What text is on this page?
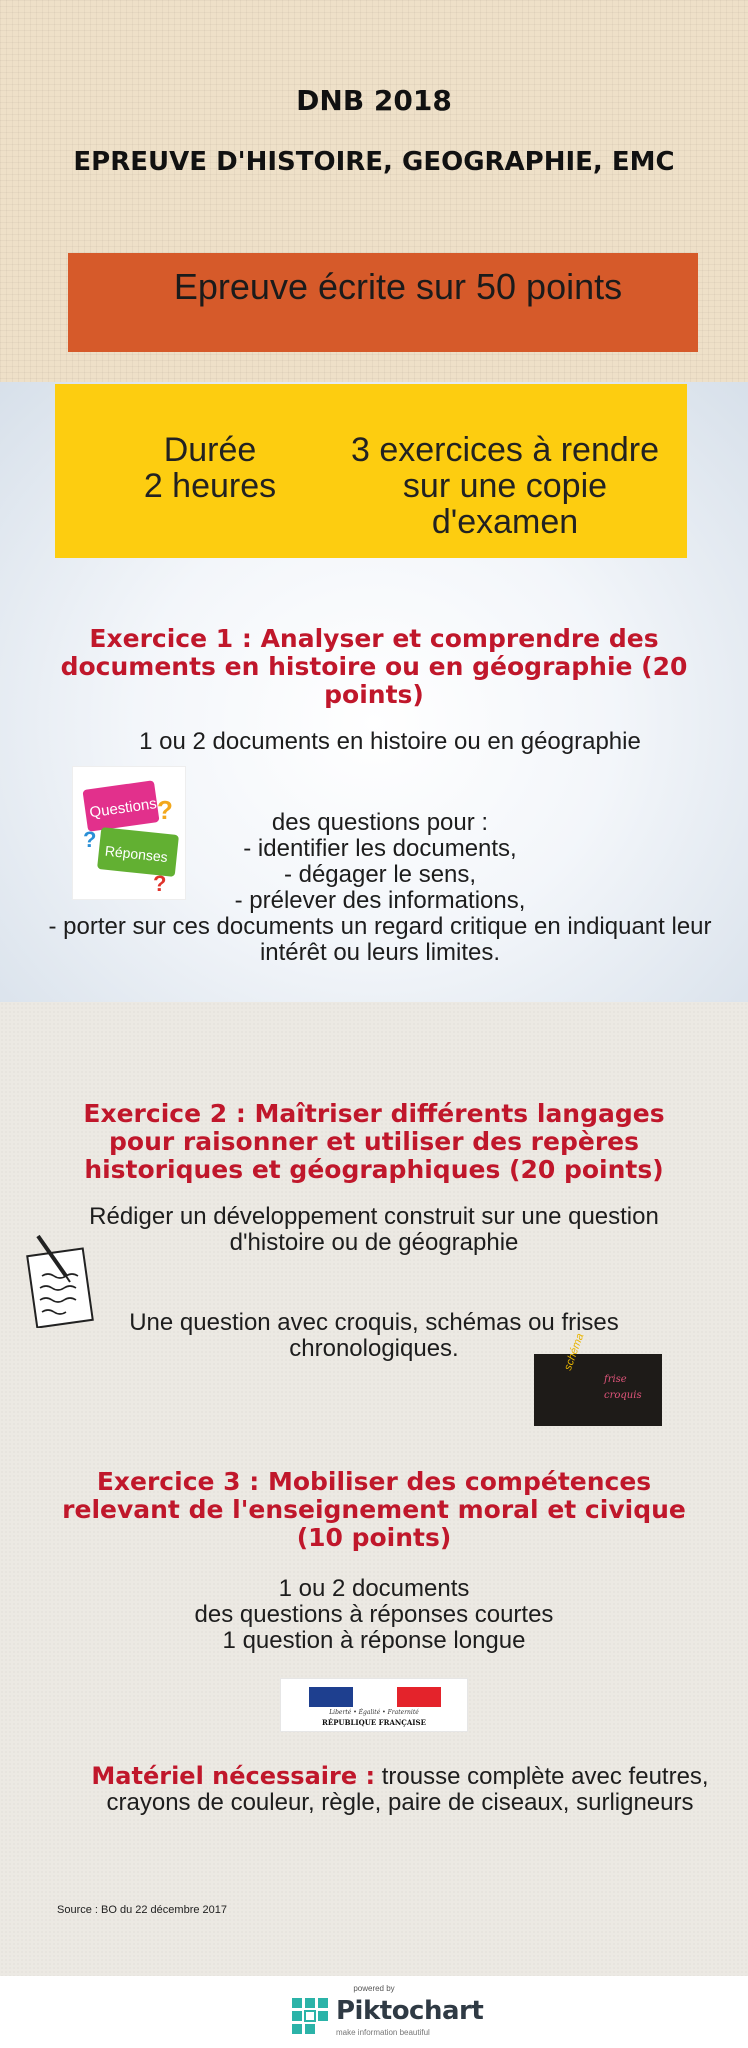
DNB 2018
EPREUVE D'HISTOIRE, GEOGRAPHIE, EMC
Epreuve écrite sur 50 points
Durée
2 heures
3 exercices à rendre sur une copie d'examen
Exercice 1 : Analyser et comprendre des documents en histoire ou en géographie (20 points)
1 ou 2 documents en histoire ou en géographie
Questions
Réponses
?
?
?
des questions pour :
- identifier les documents,
- dégager le sens,
- prélever des informations,
- porter sur ces documents un regard critique en indiquant leur intérêt ou leurs limites.
Exercice 2 : Maîtriser différents langages pour raisonner et utiliser des repères historiques et géographiques (20 points)
Rédiger un développement construit sur une question d'histoire ou de géographie
Une question avec croquis, schémas ou frises chronologiques.	schéma
frise
croquis
Exercice 3 : Mobiliser des compétences relevant de l'enseignement moral et civique (10 points)
1 ou 2 documents
des questions à réponses courtes
1 question à réponse longue
Liberté • Égalité • Fraternité
RÉPUBLIQUE FRANÇAISE
Matériel nécessaire : trousse complète avec feutres, crayons de couleur, règle, paire de ciseaux, surligneurs
Source : BO du 22 décembre 2017
powered by
Piktochart
make information beautiful
